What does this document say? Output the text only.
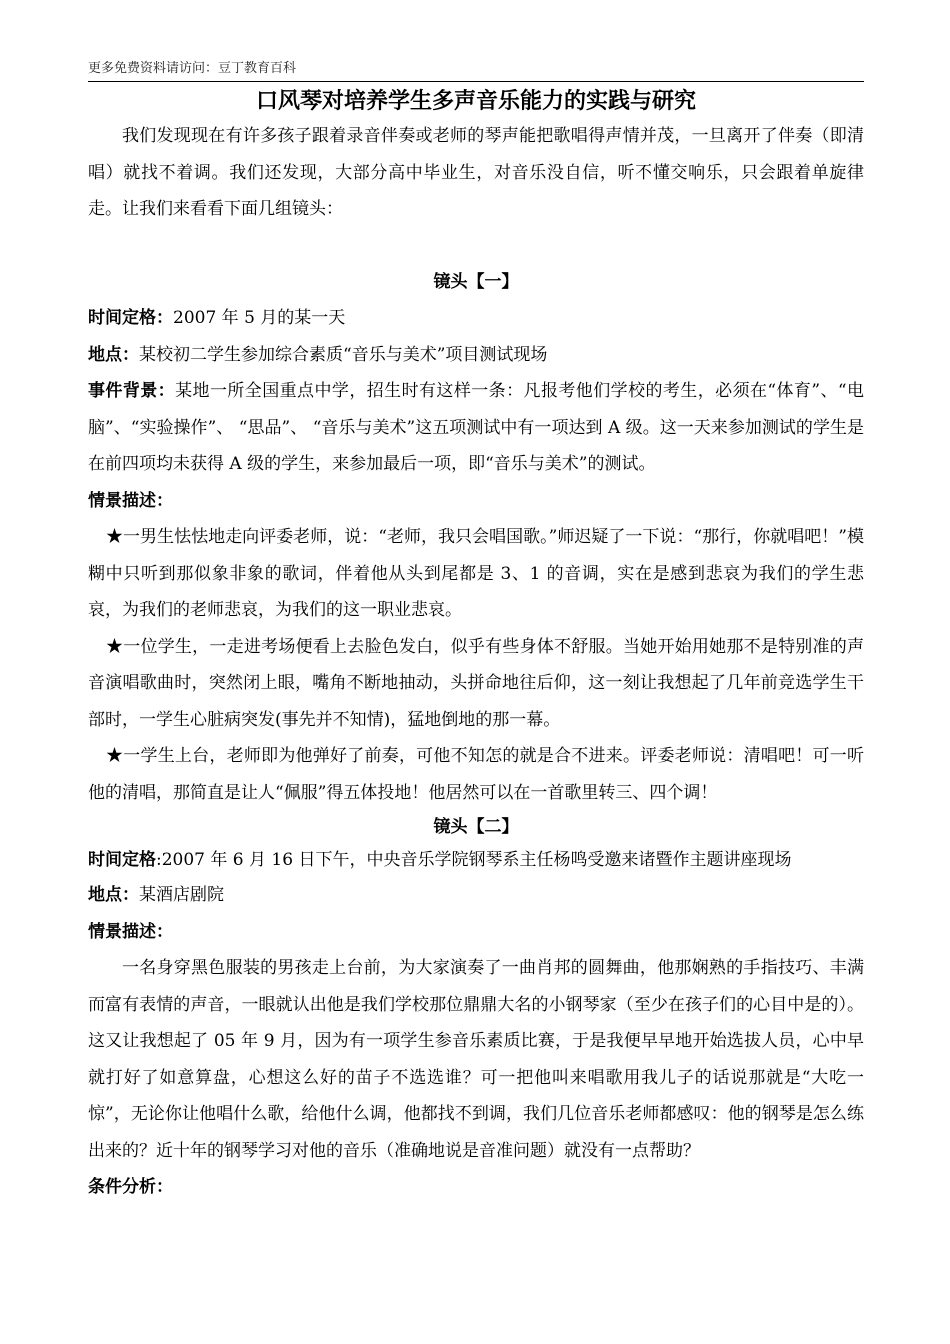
更多免费资料请访问：豆丁教育百科
口风琴对培养学生多声音乐能力的实践与研究

我们发现现在有许多孩子跟着录音伴奏或老师的琴声能把歌唱得声情并茂，一旦离开了伴奏（即清唱）就找不着调。我们还发现，大部分高中毕业生，对音乐没自信，听不懂交响乐，只会跟着单旋律走。让我们来看看下面几组镜头：

镜头【一】

时间定格：2007 年 5 月的某一天

地点：某校初二学生参加综合素质“音乐与美术”项目测试现场

事件背景：某地一所全国重点中学，招生时有这样一条：凡报考他们学校的考生，必须在“体育”、“电脑”、“实验操作”、 “思品”、 “音乐与美术”这五项测试中有一项达到 A 级。这一天来参加测试的学生是在前四项均未获得 A 级的学生，来参加最后一项，即“音乐与美术”的测试。

情景描述：

★一男生怯怯地走向评委老师，说：“老师，我只会唱国歌。”师迟疑了一下说：“那行，你就唱吧！”模糊中只听到那似象非象的歌词，伴着他从头到尾都是 3、1 的音调，实在是感到悲哀为我们的学生悲哀，为我们的老师悲哀，为我们的这一职业悲哀。

★一位学生，一走进考场便看上去脸色发白，似乎有些身体不舒服。当她开始用她那不是特别准的声音演唱歌曲时，突然闭上眼，嘴角不断地抽动，头拼命地往后仰，这一刻让我想起了几年前竞选学生干部时，一学生心脏病突发(事先并不知情)，猛地倒地的那一幕。

★一学生上台，老师即为他弹好了前奏，可他不知怎的就是合不进来。评委老师说：清唱吧！可一听他的清唱，那简直是让人“佩服”得五体投地！他居然可以在一首歌里转三、四个调！

镜头【二】

时间定格:2007 年 6 月 16 日下午，中央音乐学院钢琴系主任杨鸣受邀来诸暨作主题讲座现场

地点：某酒店剧院

情景描述：

一名身穿黑色服装的男孩走上台前，为大家演奏了一曲肖邦的圆舞曲，他那娴熟的手指技巧、丰满而富有表情的声音，一眼就认出他是我们学校那位鼎鼎大名的小钢琴家（至少在孩子们的心目中是的）。这又让我想起了 05 年 9 月，因为有一项学生参音乐素质比赛，于是我便早早地开始选拔人员，心中早就打好了如意算盘，心想这么好的苗子不选选谁？可一把他叫来唱歌用我儿子的话说那就是“大吃一惊”，无论你让他唱什么歌，给他什么调，他都找不到调，我们几位音乐老师都感叹：他的钢琴是怎么练出来的？近十年的钢琴学习对他的音乐（准确地说是音准问题）就没有一点帮助？

条件分析：
